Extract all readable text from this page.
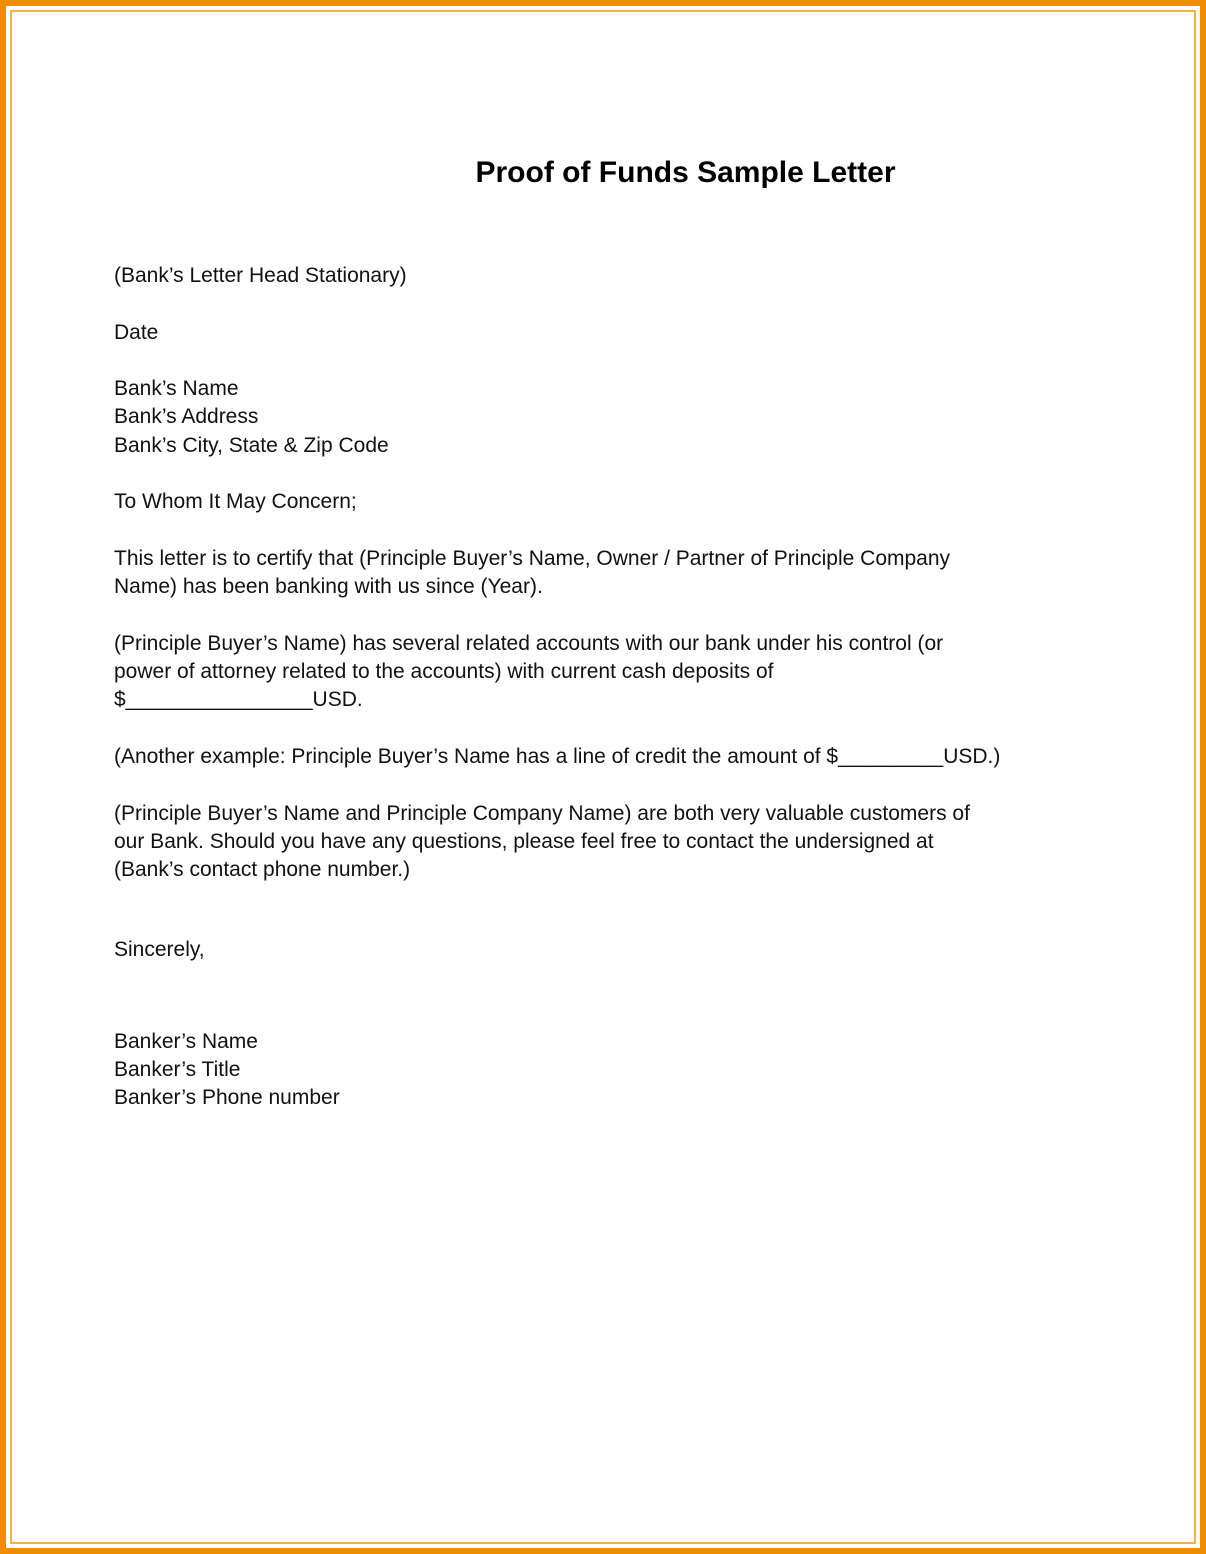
Proof of Funds Sample Letter

(Bank’s Letter Head Stationary)

Date

Bank’s Name

Bank’s Address

Bank’s City, State & Zip Code

To Whom It May Concern;

This letter is to certify that (Principle Buyer’s Name, Owner / Partner of Principle Company

Name) has been banking with us since (Year).

(Principle Buyer’s Name) has several related accounts with our bank under his control (or

power of attorney related to the accounts) with current cash deposits of

$________________USD.

(Another example: Principle Buyer’s Name has a line of credit the amount of $_________USD.)

(Principle Buyer’s Name and Principle Company Name) are both very valuable customers of

our Bank. Should you have any questions, please feel free to contact the undersigned at

(Bank’s contact phone number.)

Sincerely,

Banker’s Name

Banker’s Title

Banker’s Phone number
